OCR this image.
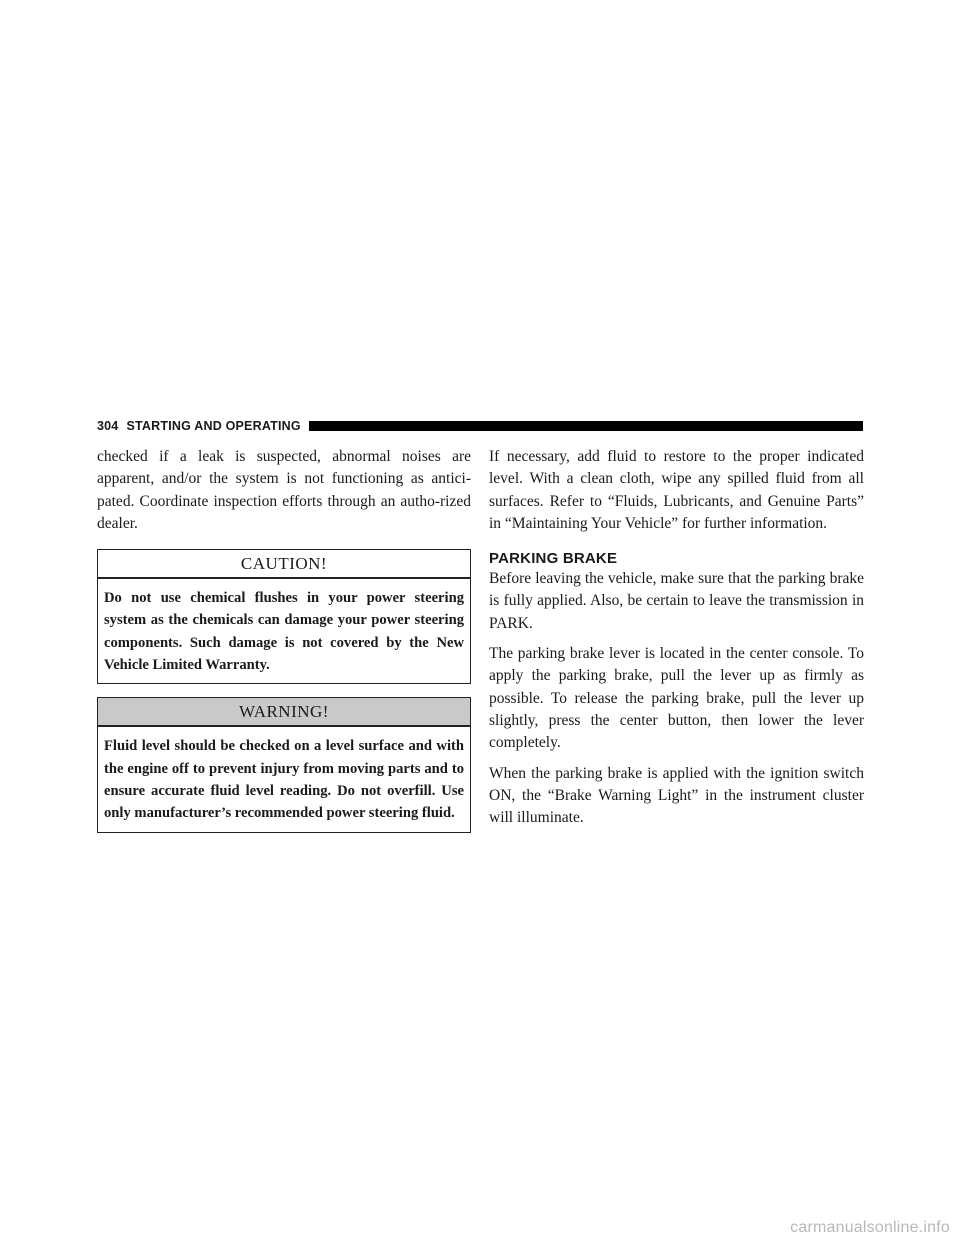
304 STARTING AND OPERATING

checked if a leak is suspected, abnormal noises are apparent, and/or the system is not functioning as antici-pated. Coordinate inspection efforts through an autho-rized dealer.

CAUTION!
Do not use chemical flushes in your power steering system as the chemicals can damage your power steering components. Such damage is not covered by the New Vehicle Limited Warranty.
WARNING!
Fluid level should be checked on a level surface and with the engine off to prevent injury from moving parts and to ensure accurate fluid level reading. Do not overfill. Use only manufacturer’s recommended power steering fluid.

If necessary, add fluid to restore to the proper indicated level. With a clean cloth, wipe any spilled fluid from all surfaces. Refer to “Fluids, Lubricants, and Genuine Parts” in “Maintaining Your Vehicle” for further information.

PARKING BRAKE

Before leaving the vehicle, make sure that the parking brake is fully applied. Also, be certain to leave the transmission in PARK.

The parking brake lever is located in the center console. To apply the parking brake, pull the lever up as firmly as possible. To release the parking brake, pull the lever up slightly, press the center button, then lower the lever completely.

When the parking brake is applied with the ignition switch ON, the “Brake Warning Light” in the instrument cluster will illuminate.

carmanualsonline.info
